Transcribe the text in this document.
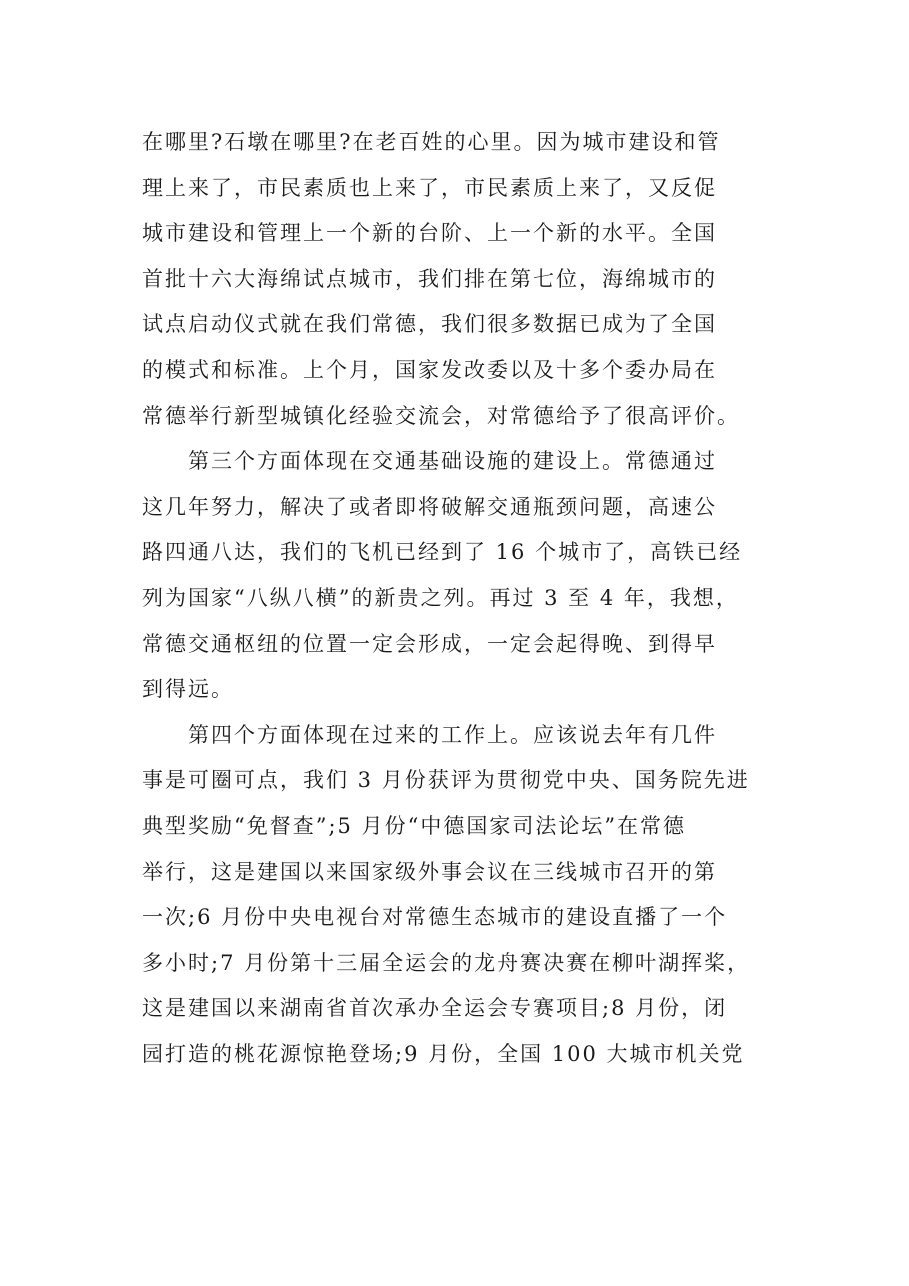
在哪里?石墩在哪里?在老百姓的心里。因为城市建设和管
理上来了，市民素质也上来了，市民素质上来了，又反促
城市建设和管理上一个新的台阶、上一个新的水平。全国
首批十六大海绵试点城市，我们排在第七位，海绵城市的
试点启动仪式就在我们常德，我们很多数据已成为了全国
的模式和标准。上个月，国家发改委以及十多个委办局在
常德举行新型城镇化经验交流会，对常德给予了很高评价。
第三个方面体现在交通基础设施的建设上。常德通过
这几年努力，解决了或者即将破解交通瓶颈问题，高速公
路四通八达，我们的飞机已经到了 16 个城市了，高铁已经
列为国家“八纵八横”的新贵之列。再过 3 至 4 年，我想，
常德交通枢纽的位置一定会形成，一定会起得晚、到得早
到得远。
第四个方面体现在过来的工作上。应该说去年有几件
事是可圈可点，我们 3 月份获评为贯彻党中央、国务院先进
典型奖励“免督查”;5 月份“中德国家司法论坛”在常德
举行，这是建国以来国家级外事会议在三线城市召开的第
一次;6 月份中央电视台对常德生态城市的建设直播了一个
多小时;7 月份第十三届全运会的龙舟赛决赛在柳叶湖挥桨，
这是建国以来湖南省首次承办全运会专赛项目;8 月份，闭
园打造的桃花源惊艳登场;9 月份，全国 100 大城市机关党
